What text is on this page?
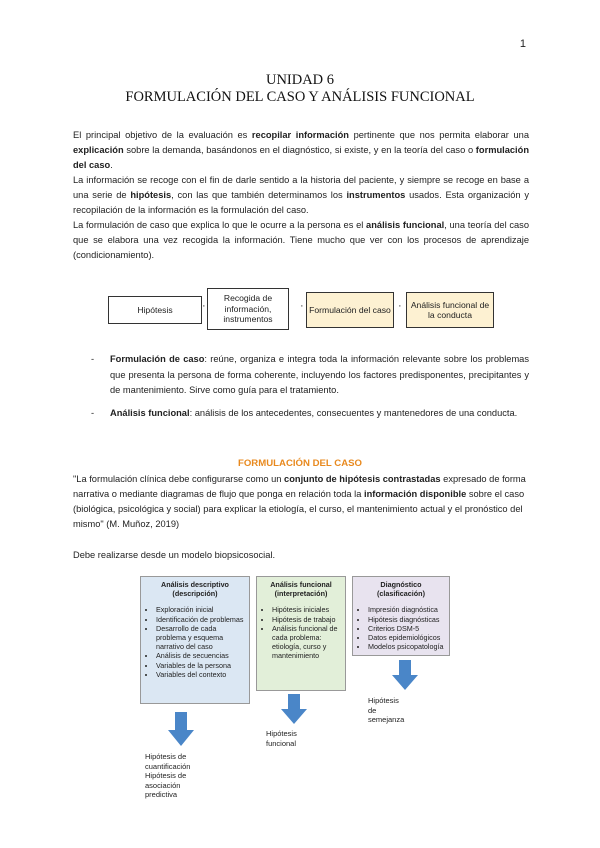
1
UNIDAD 6
FORMULACIÓN DEL CASO Y ANÁLISIS FUNCIONAL
El principal objetivo de la evaluación es recopilar información pertinente que nos permita elaborar una explicación sobre la demanda, basándonos en el diagnóstico, si existe, y en la teoría del caso o formulación del caso.
La información se recoge con el fin de darle sentido a la historia del paciente, y siempre se recoge en base a una serie de hipótesis, con las que también determinamos los instrumentos usados. Esta organización y recopilación de la información es la formulación del caso.
La formulación de caso que explica lo que le ocurre a la persona es el análisis funcional, una teoría del caso que se elabora una vez recogida la información. Tiene mucho que ver con los procesos de aprendizaje (condicionamiento).
Hipótesis	·
Recogida de información, instrumentos
· Formulación del caso ·	Análisis funcional de la conducta
- Formulación de caso: reúne, organiza e integra toda la información relevante sobre los problemas que presenta la persona de forma coherente, incluyendo los factores predisponentes, precipitantes y de mantenimiento. Sirve como guía para el tratamiento.
- Análisis funcional: análisis de los antecedentes, consecuentes y mantenedores de una conducta.
FORMULACIÓN DEL CASO
"La formulación clínica debe configurarse como un conjunto de hipótesis contrastadas expresado de forma narrativa o mediante diagramas de flujo que ponga en relación toda la información disponible sobre el caso (biológica, psicológica y social) para explicar la etiología, el curso, el mantenimiento actual y el pronóstico del mismo" (M. Muñoz, 2019)
Debe realizarse desde un modelo biopsicosocial.
Análisis descriptivo
(descripción)
• Exploración inicial
• Identificación de problemas
• Desarrollo de cada problema y esquema narrativo del caso
• Análisis de secuencias
• Variables de la persona
• Variables del contexto
Análisis funcional
(interpretación)
• Hipótesis iniciales
• Hipótesis de trabajo
• Análisis funcional de cada problema: etiología, curso y mantenimiento
Diagnóstico (clasificación)
• Impresión diagnóstica
• Hipótesis diagnósticas
• Criterios DSM-5
• Datos epidemiológicos
• Modelos psicopatología
Hipótesis de cuantificación
Hipótesis de asociación predictiva
Hipótesis funcional
Hipótesis de semejanza
